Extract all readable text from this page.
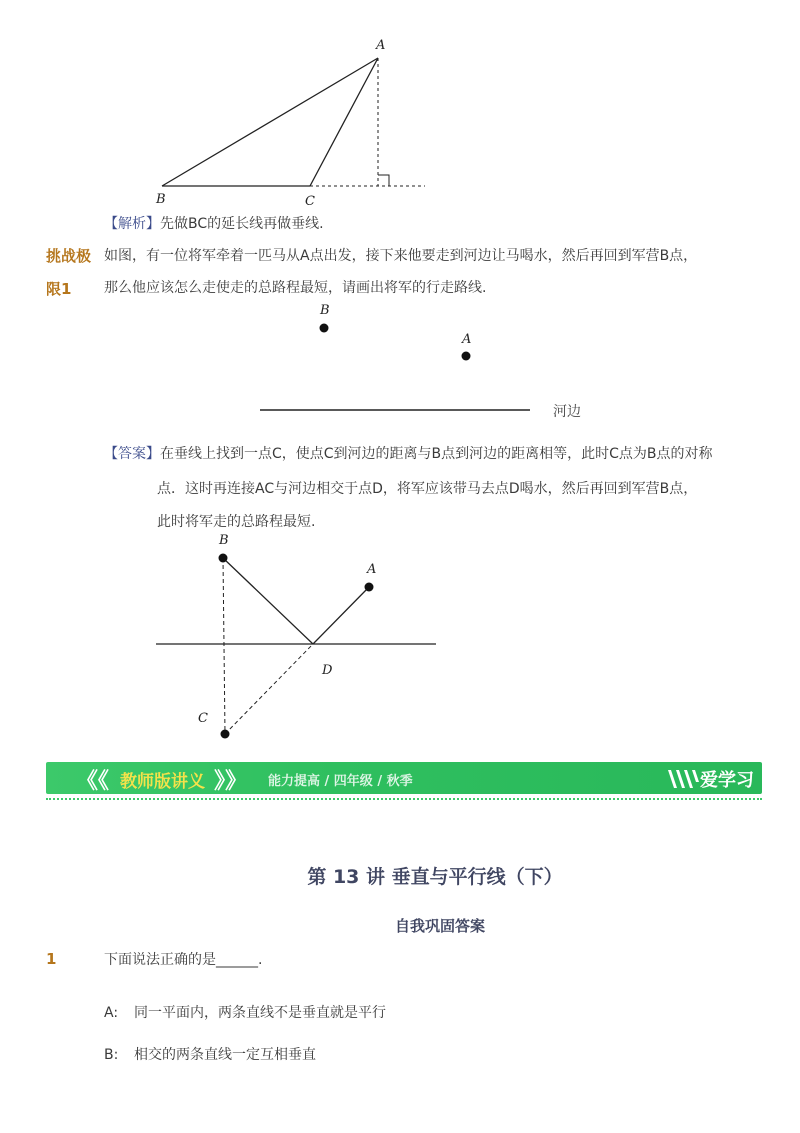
A
B	C
【解析】先做BC的延长线再做垂线.
挑战极
限1
如图，有一位将军牵着一匹马从A点出发，接下来他要走到河边让马喝水，然后再回到军营B点，
那么他应该怎么走使走的总路程最短，请画出将军的行走路线.
B
A
河边
【答案】在垂线上找到一点C，使点C到河边的距离与B点到河边的距离相等，此时C点为B点的对称
点．这时再连接AC与河边相交于点D，将军应该带马去点D喝水，然后再回到军营B点，
此时将军走的总路程最短.
B
A
C
D
《《 教师版讲义 》》 能力提高 / 四年级 / 秋季	爱学习
第 13 讲 垂直与平行线（下）
自我巩固答案
1	下面说法正确的是______.
A: 同一平面内，两条直线不是垂直就是平行
B: 相交的两条直线一定互相垂直
